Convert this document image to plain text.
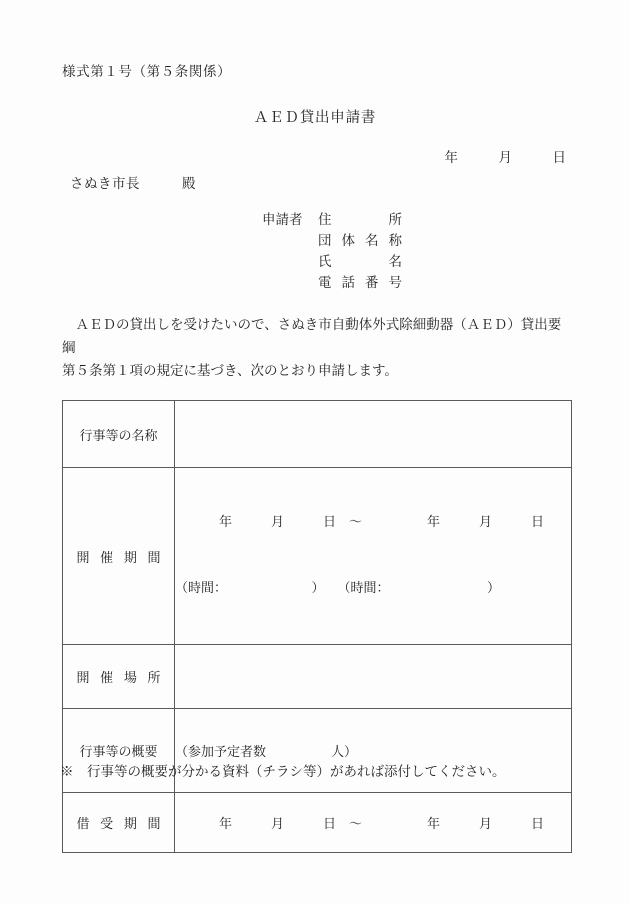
様式第１号（第５条関係）
ＡＥＤ貸出申請書
年　　　月　　　日
さぬき市長　　　殿
申請者	住所
団体名称
氏名
電話番号

　ＡＥＤの貸出しを受けたいので、さぬき市自動体外式除細動器（ＡＥＤ）貸出要綱

第５条第１項の規定に基づき、次のとおり申請します。

行事等の名称	
開催期間	年　　　月　　　日　～　　　　　年　　　月　　　日

（時間：　　　　　　　）　　（時間：　　　　　　　　）

開催場所	
行事等の概要	（参加予定者数　　　　　人）

借受期間	年　　　月　　　日　～　　　　　年　　　月　　　日
※　行事等の概要が分かる資料（チラシ等）があれば添付してください。
